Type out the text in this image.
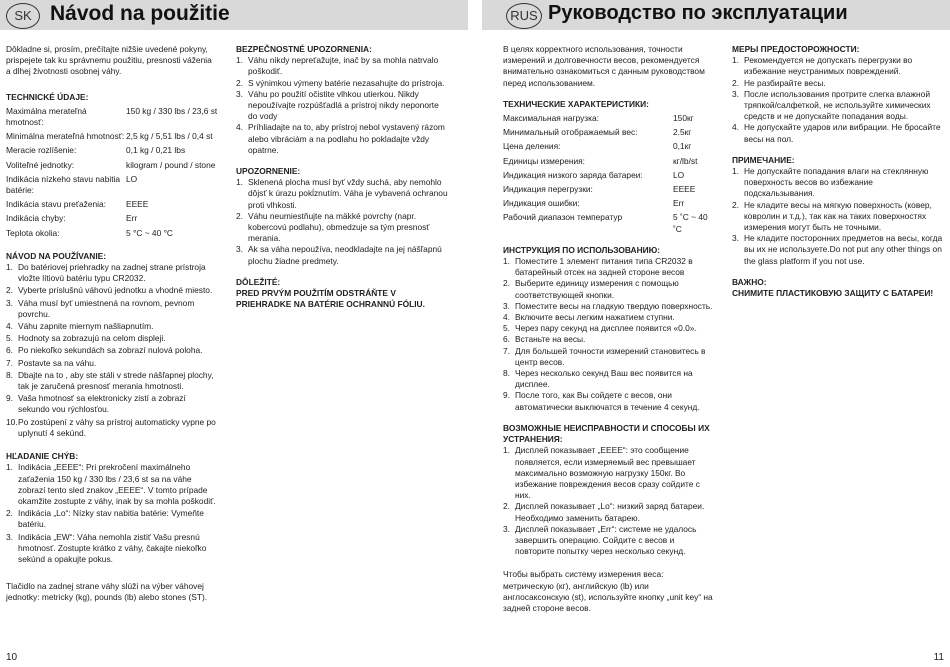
SK Návod na použitie	RUS Руководство по эксплуатации

Dôkladne si, prosím, prečítajte nižšie uvedené pokyny, prispejete tak ku správnemu použitiu, presnosti váženia a dlhej životnosti osobnej váhy.

TECHNICKÉ ÚDAJE:

Maximálna merateľná hmotnosť:
150 kg / 330 lbs / 23,6 st
Minimálna merateľná hmotnosť: 2,5 kg / 5,51 lbs / 0,4 st
Meracie rozlíšenie:	0,1 kg / 0,21 lbs
Voliteľné jednotky:	kilogram / pound / stone
Indikácia nízkeho stavu nabitia batérie:
LO
Indikácia stavu preťaženia:	EEEE
Indikácia chyby:	Err
Teplota okolia:	5 °C ~ 40 °C

NÁVOD NA POUŽÍVANIE:

1. Do batériovej priehradky na zadnej strane prístroja vložte lítiovú batériu typu CR2032.
2. Vyberte príslušnú váhovú jednotku a vhodné miesto.
3. Váha musí byť umiestnená na rovnom, pevnom povrchu.
4. Váhu zapnite miernym našliapnutím.
5. Hodnoty sa zobrazujú na celom displeji.
6. Po niekoľko sekundách sa zobrazí nulová poloha.
7. Postavte sa na váhu.
8. Dbajte na to , aby ste stáli v strede nášľapnej plochy, tak je zaručená presnosť merania hmotnosti.
9. Vaša hmotnosť sa elektronicky zistí a zobrazí sekundo vou rýchlosťou.
10. Po zostúpení z váhy sa prístroj automaticky vypne po uplynutí 4 sekúnd.

HĽADANIE CHÝB:

1. Indikácia „EEEE“: Pri prekročení maximálneho zaťaženia 150 kg / 330 lbs / 23,6 st sa na váhe zobrazí tento sled znakov „EEEE“. V tomto prípade okamžite zostupte z váhy, inak by sa mohla poškodiť.
2. Indikácia „Lo“: Nízky stav nabitia batérie: Vymeňte batériu.
3. Indikácia „EW“: Váha nemohla zistiť Vašu presnú hmotnosť. Zostupte krátko z váhy, čakajte niekoľko sekúnd a opakujte pokus.

Tlačidlo na zadnej strane váhy slúži na výber váhovej jednotky: metricky (kg), pounds (lb) alebo stones (ST).

BEZPEČNOSTNÉ UPOZORNENIA:

1. Váhu nikdy nepreťažujte, inač by sa mohla natrvalo poškodiť.
2. S výnimkou výmeny batérie nezasahujte do prístroja.
3. Váhu po použití očistite vlhkou utierkou. Nikdy nepoužívajte rozpúšťadlá a prístroj nikdy neponorte do vody
4. Príhliadajte na to, aby prístroj nebol vystavený rázom alebo vibráciám a na podlahu ho pokladajte vždy opatrne.

UPOZORNENIE:

1. Sklenená plocha musí byť vždy suchá, aby nemohlo dôjsť k úrazu pokĺznutím. Váha je vybavená ochranou proti vlhkosti.
2. Váhu neumiestňujte na mäkké povrchy (napr. kobercovú podlahu), obmedzuje sa tým presnosť merania.
3. Ak sa váha nepoužíva, neodkladajte na jej nášľapnú plochu žiadne predmety.

DÔLEŽITÉ:

PRED PRVÝM POUŽITÍM ODSTRÁŇTE V PRIEHRADKE NA BATÉRIE OCHRANNÚ FÓLIU.

В целях корректного использования, точности измерений и долговечности весов, рекомендуется внимательно ознакомиться с данным руководством перед использованием.

ТЕХНИЧЕСКИЕ ХАРАКТЕРИСТИКИ:

Максимальная нагрузка:	150кг
Минимальный отображаемый вес:	2.5кг
Цена деления:	0,1кг
Единицы измерения:	кг/lb/st
Индикация низкого заряда батареи:	LO
Индикация перегрузки:	EEEE
Индикация ошибки:	Err
Рабочий диапазон температур	5 ˚C ~ 40 ˚C

ИНСТРУКЦИЯ ПО ИСПОЛЬЗОВАНИЮ:

1. Поместите 1 элемент питания типа CR2032 в батарейный отсек на задней стороне весов
2. Выберите единицу измерения с помощью соответствующей кнопки.
3. Поместите весы на гладкую твердую поверхность.
4. Включите весы легким нажатием ступни.
5. Через пару секунд на дисплее появится «0.0».
6. Встаньте на весы.
7. Для большей точности измерений становитесь в центр весов.
8. Через несколько секунд Ваш вес появится на дисплее.
9. После того, как Вы сойдете с весов, они автоматически выключатся в течение 4 секунд.

ВОЗМОЖНЫЕ НЕИСПРАВНОСТИ И СПОСОБЫ ИХ УСТРАНЕНИЯ:

1. Дисплей показывает „EEEE“: это сообщение появляется, если измеряемый вес превышает максимально возможную нагрузку 150кг. Во избежание повреждения весов сразу сойдите с них.
2. Дисплей показывает „Lo“: низкий заряд батареи. Необходимо заменить батарею.
3. Дисплей показывает „Err“: системе не удалось завершить операцию. Сойдите с весов и повторите попытку через несколько секунд.

Чтобы выбрать систему измерения веса: метрическую (кг), английскую (lb) или англосаксонскую (st), используйте кнопку „unit key“ на задней стороне весов.

МЕРЫ ПРЕДОСТОРОЖНОСТИ:

1. Рекомендуется не допускать перегрузки во избежание неустранимых повреждений.
2. Не разбирайте весы.
3. После использования протрите слегка влажной тряпкой/салфеткой, не используйте химических средств и не допускайте попадания воды.
4. Не допускайте ударов или вибрации. Не бросайте весы на пол.

ПРИМЕЧАНИЕ:

1. Не допускайте попадания влаги на стеклянную поверхность весов во избежание подскальзывания.
2. Не кладите весы на мягкую поверхность (ковер, ковролин и т.д.), так как на таких поверхностях измерения могут быть не точными.
3. Не кладите посторонних предметов на весы, когда вы их не используете.Do not put any other things on the glass platform if you not use.

ВАЖНО:

СНИМИТЕ ПЛАСТИКОВУЮ ЗАЩИТУ С БАТАРЕИ!

10	11
